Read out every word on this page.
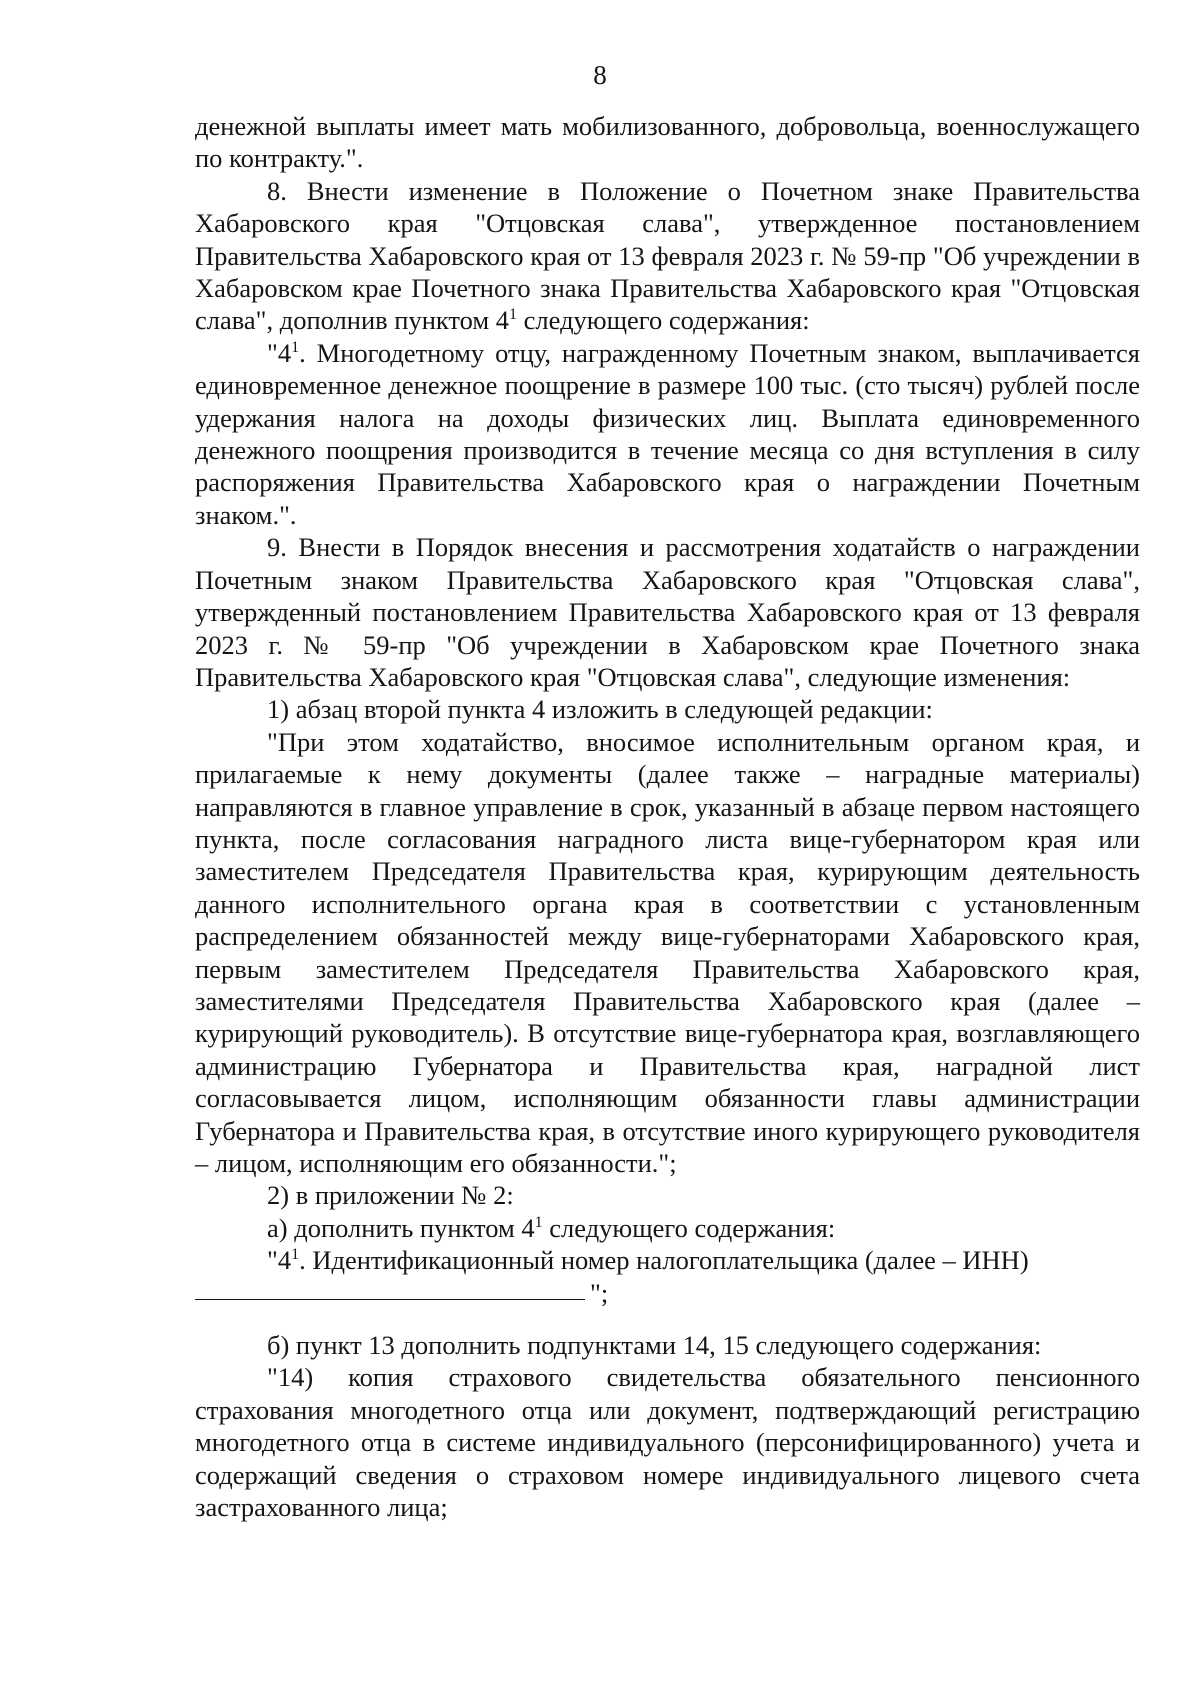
8

денежной выплаты имеет мать мобилизованного, добровольца, военнослужащего по контракту.".

8. Внести изменение в Положение о Почетном знаке Правительства Хабаровского края "Отцовская слава", утвержденное постановлением Правительства Хабаровского края от 13 февраля 2023 г. № 59-пр "Об учреждении в Хабаровском крае Почетного знака Правительства Хабаровского края "Отцовская слава", дополнив пунктом $4^1$ следующего содержания:

"$4^1$. Многодетному отцу, награжденному Почетным знаком, выплачивается единовременное денежное поощрение в размере 100 тыс. (сто тысяч) рублей после удержания налога на доходы физических лиц. Выплата единовременного денежного поощрения производится в течение месяца со дня вступления в силу распоряжения Правительства Хабаровского края о награждении Почетным знаком.".

9. Внести в Порядок внесения и рассмотрения ходатайств о награждении Почетным знаком Правительства Хабаровского края "Отцовская слава", утвержденный постановлением Правительства Хабаровского края от 13 февраля 2023 г. № 59-пр "Об учреждении в Хабаровском крае Почетного знака Правительства Хабаровского края "Отцовская слава", следующие изменения:

1) абзац второй пункта 4 изложить в следующей редакции:

"При этом ходатайство, вносимое исполнительным органом края, и прилагаемые к нему документы (далее также – наградные материалы) направляются в главное управление в срок, указанный в абзаце первом настоящего пункта, после согласования наградного листа вице-губернатором края или заместителем Председателя Правительства края, курирующим деятельность данного исполнительного органа края в соответствии с установленным распределением обязанностей между вице-губернаторами Хабаровского края, первым заместителем Председателя Правительства Хабаровского края, заместителями Председателя Правительства Хабаровского края (далее – курирующий руководитель). В отсутствие вице-губернатора края, возглавляющего администрацию Губернатора и Правительства края, наградной лист согласовывается лицом, исполняющим обязанности главы администрации Губернатора и Правительства края, в отсутствие иного курирующего руководителя – лицом, исполняющим его обязанности.";

2) в приложении № 2:

а) дополнить пунктом $4^1$ следующего содержания:

"$4^1$. Идентификационный номер налогоплательщика (далее – ИНН)

";

б) пункт 13 дополнить подпунктами 14, 15 следующего содержания:

"14) копия страхового свидетельства обязательного пенсионного страхования многодетного отца или документ, подтверждающий регистрацию многодетного отца в системе индивидуального (персонифицированного) учета и содержащий сведения о страховом номере индивидуального лицевого счета застрахованного лица;
